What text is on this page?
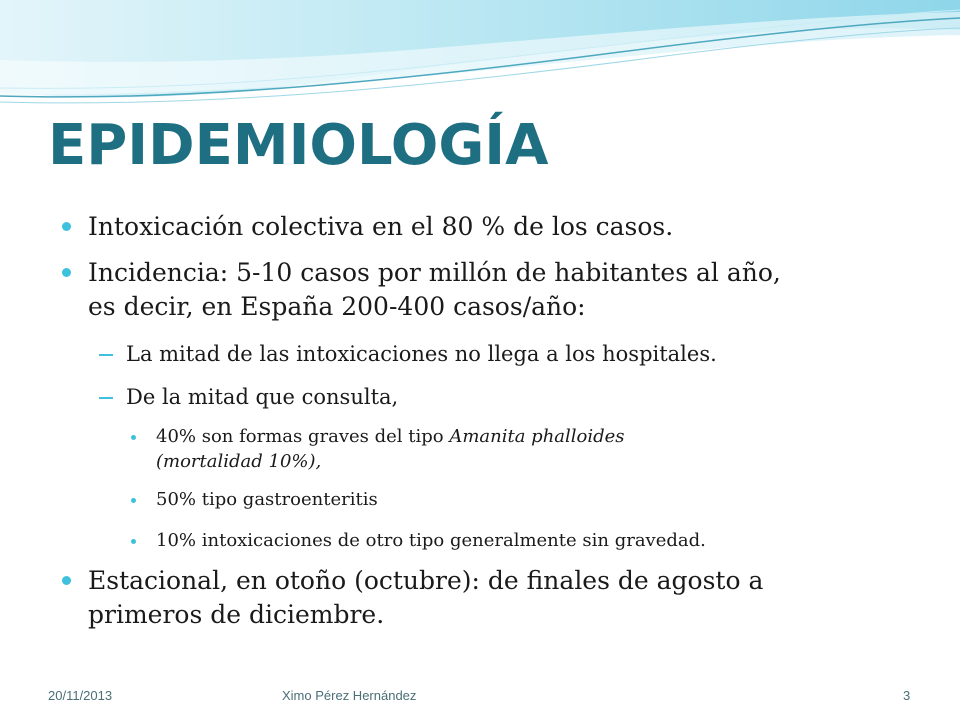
EPIDEMIOLOGÍA
Intoxicación colectiva en el 80 % de los casos.
Incidencia: 5-10 casos por millón de habitantes al año,
es decir, en España 200-400 casos/año:
La mitad de las intoxicaciones no llega a los hospitales.
De la mitad que consulta,
40% son formas graves del tipo Amanita phalloides
(mortalidad 10%),
50% tipo gastroenteritis
10% intoxicaciones de otro tipo generalmente sin gravedad.
Estacional, en otoño (octubre): de finales de agosto a
primeros de diciembre.
20/11/2013	Ximo Pérez Hernández	3
